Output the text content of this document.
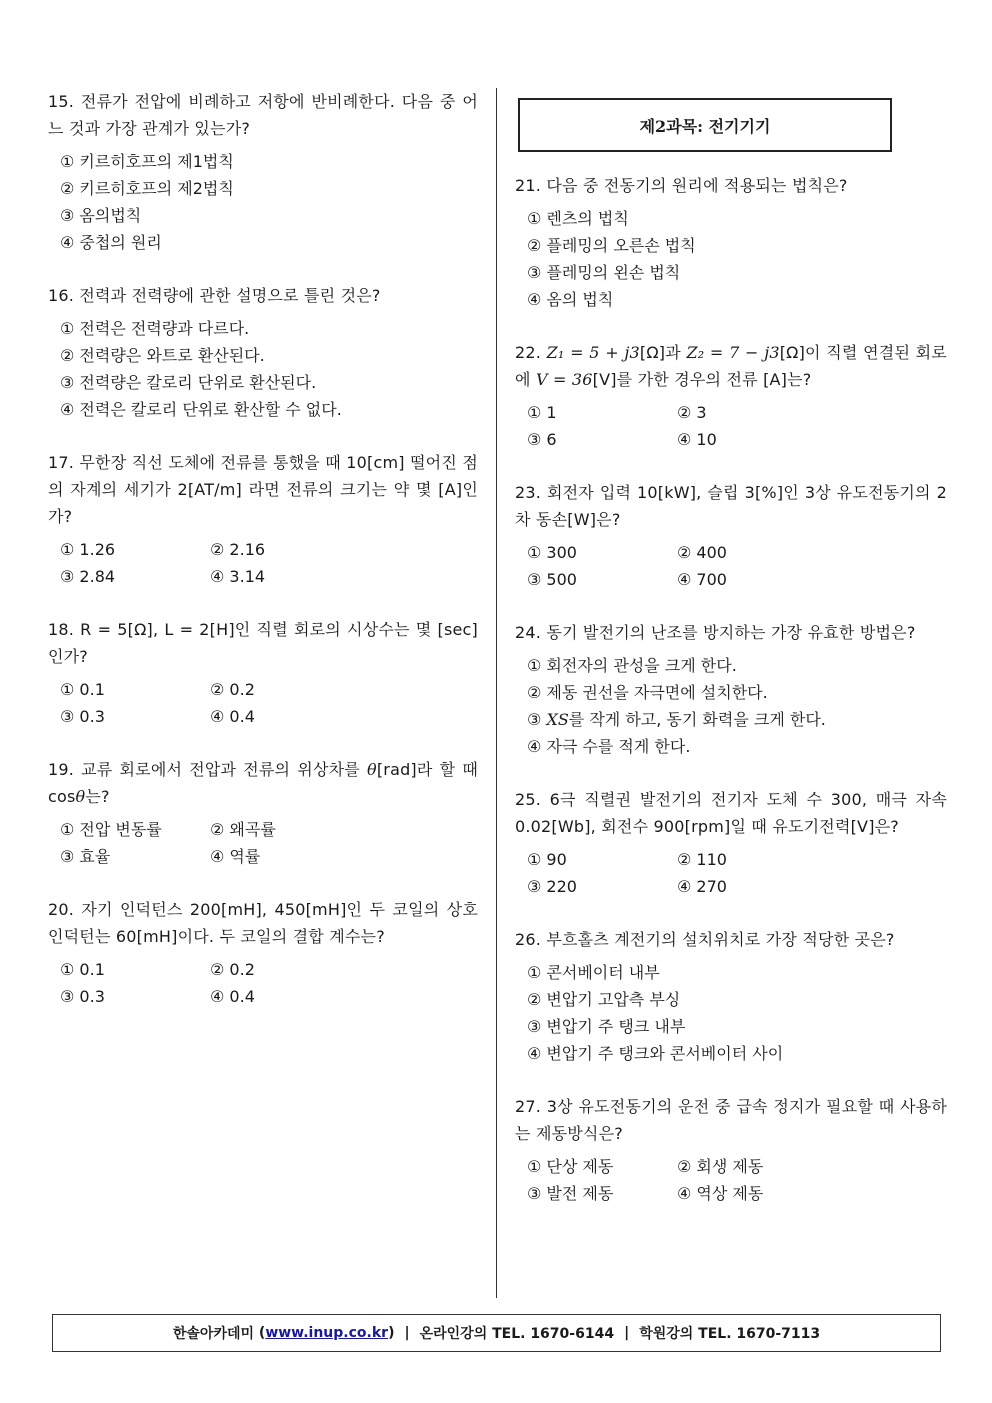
15. 전류가 전압에 비례하고 저항에 반비례한다. 다음 중 어느 것과 가장 관계가 있는가?
① 키르히호프의 제1법칙
② 키르히호프의 제2법칙
③ 옴의법칙
④ 중첩의 원리
16. 전력과 전력량에 관한 설명으로 틀린 것은?
① 전력은 전력량과 다르다.
② 전력량은 와트로 환산된다.
③ 전력량은 칼로리 단위로 환산된다.
④ 전력은 칼로리 단위로 환산할 수 없다.
17. 무한장 직선 도체에 전류를 통했을 때 10[cm] 떨어진 점의 자계의 세기가 2[AT/m] 라면 전류의 크기는 약 몇 [A]인가?
① 1.26	② 2.16
③ 2.84	④ 3.14
18. R = 5[Ω], L = 2[H]인 직렬 회로의 시상수는 몇 [sec]인가?
① 0.1	② 0.2
③ 0.3	④ 0.4
19. 교류 회로에서 전압과 전류의 위상차를 θ[rad]라 할 때 cosθ는?
① 전압 변동률	② 왜곡률
③ 효율	④ 역률
20. 자기 인덕턴스 200[mH], 450[mH]인 두 코일의 상호 인덕턴는 60[mH]이다. 두 코일의 결합 계수는?
① 0.1	② 0.2
③ 0.3	④ 0.4
제2과목: 전기기기
21. 다음 중 전동기의 원리에 적용되는 법칙은?
① 렌츠의 법칙
② 플레밍의 오른손 법칙
③ 플레밍의 왼손 법칙
④ 옴의 법칙
22. Z₁ = 5 + j3[Ω]과 Z₂ = 7 − j3[Ω]이 직렬 연결된 회로에 V = 36[V]를 가한 경우의 전류 [A]는?
① 1	② 3
③ 6	④ 10
23. 회전자 입력 10[kW], 슬립 3[%]인 3상 유도전동기의 2차 동손[W]은?
① 300	② 400
③ 500	④ 700
24. 동기 발전기의 난조를 방지하는 가장 유효한 방법은?
① 회전자의 관성을 크게 한다.
② 제동 권선을 자극면에 설치한다.
③ XS를 작게 하고, 동기 화력을 크게 한다.
④ 자극 수를 적게 한다.
25. 6극 직렬권 발전기의 전기자 도체 수 300, 매극 자속 0.02[Wb], 회전수 900[rpm]일 때 유도기전력[V]은?
① 90	② 110
③ 220	④ 270
26. 부흐홀츠 계전기의 설치위치로 가장 적당한 곳은?
① 콘서베이터 내부
② 변압기 고압측 부싱
③ 변압기 주 탱크 내부
④ 변압기 주 탱크와 콘서베이터 사이
27. 3상 유도전동기의 운전 중 급속 정지가 필요할 때 사용하는 제동방식은?
① 단상 제동	② 회생 제동
③ 발전 제동	④ 역상 제동
한솔아카데미 ( www.inup.co.kr ) | 온라인강의 TEL. 1670-6144 | 학원강의 TEL. 1670-7113
